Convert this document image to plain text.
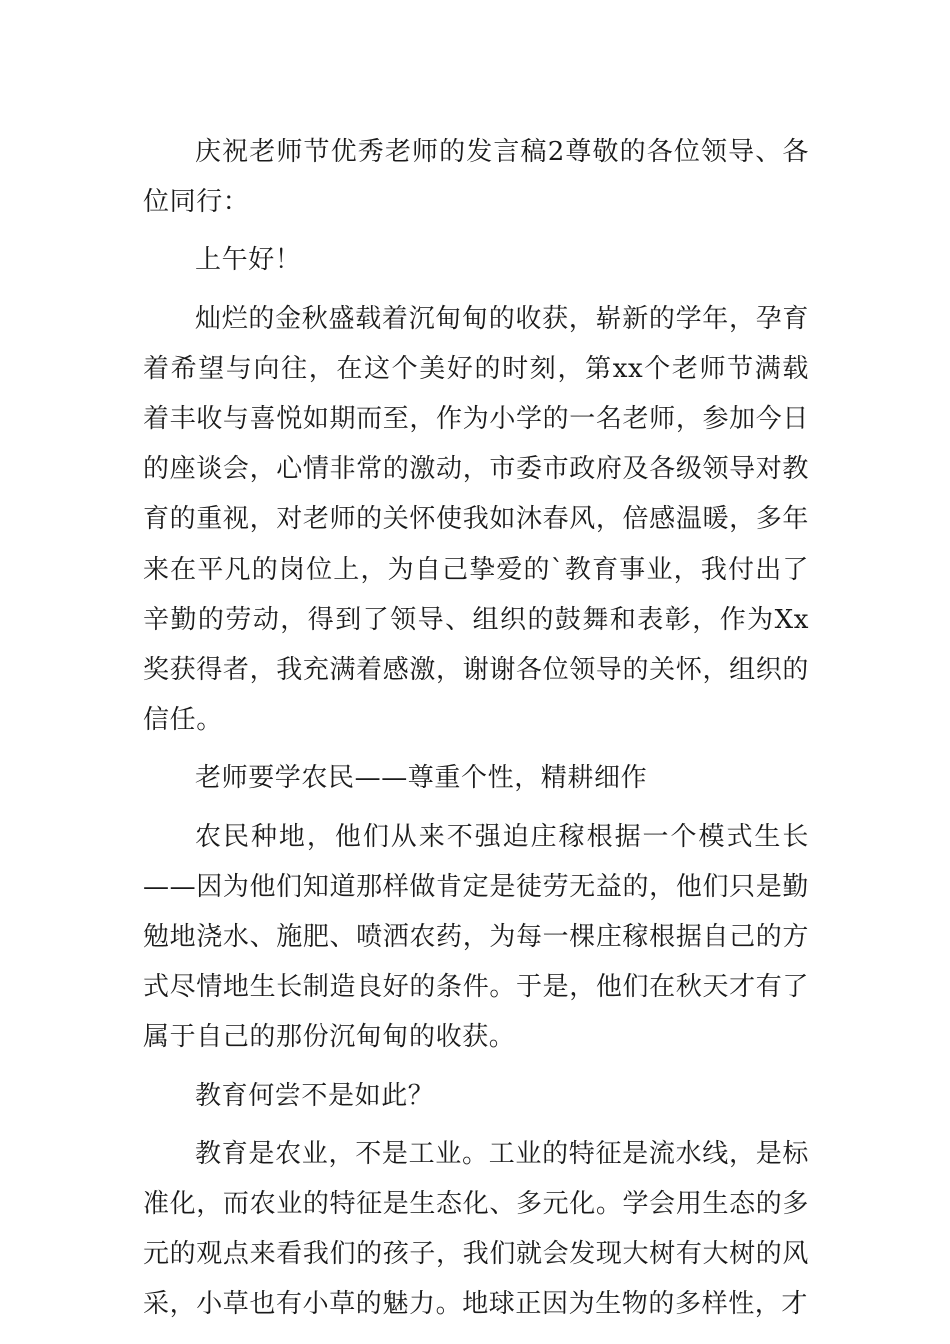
庆祝老师节优秀老师的发言稿2尊敬的各位领导、各位同行：

上午好！

灿烂的金秋盛载着沉甸甸的收获，崭新的学年，孕育着希望与向往，在这个美好的时刻，第xx个老师节满载着丰收与喜悦如期而至，作为小学的一名老师，参加今日的座谈会，心情非常的激动，市委市政府及各级领导对教育的重视，对老师的关怀使我如沐春风，倍感温暖，多年来在平凡的岗位上，为自己挚爱的`教育事业，我付出了辛勤的劳动，得到了领导、组织的鼓舞和表彰，作为Xx奖获得者，我充满着感激，谢谢各位领导的关怀，组织的信任。

老师要学农民——尊重个性，精耕细作

农民种地，他们从来不强迫庄稼根据一个模式生长——因为他们知道那样做肯定是徒劳无益的，他们只是勤勉地浇水、施肥、喷洒农药，为每一棵庄稼根据自己的方式尽情地生长制造良好的条件。于是，他们在秋天才有了属于自己的那份沉甸甸的收获。

教育何尝不是如此？

教育是农业，不是工业。工业的特征是流水线，是标准化，而农业的特征是生态化、多元化。学会用生态的多元的观点来看我们的孩子，我们就会发现大树有大树的风采，小草也有小草的魅力。地球正因为生物的多样性，才
